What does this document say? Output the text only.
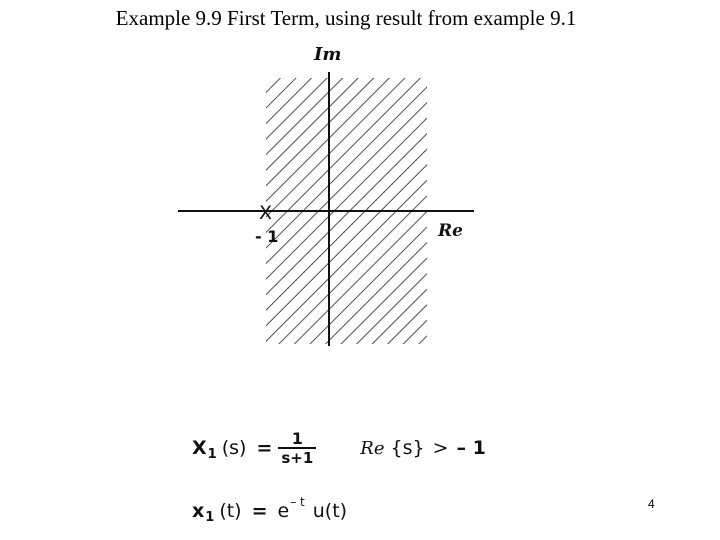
Example 9.9 First Term, using result from example 9.1
Im
Re
X
- 1
X 1 $(s) = \frac{1}{s+1}$ Re {s} > – 1
x 1 (t) = e – t u(t)	4
